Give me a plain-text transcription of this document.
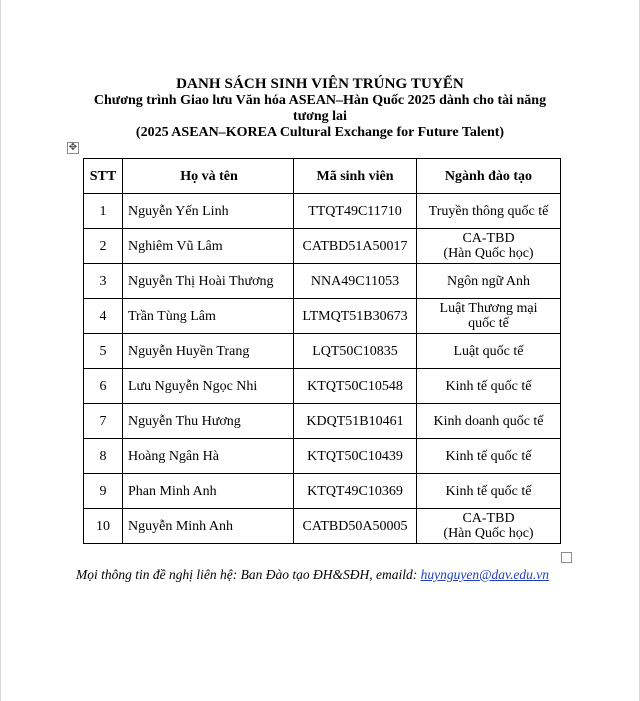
DANH SÁCH SINH VIÊN TRÚNG TUYỂN
Chương trình Giao lưu Văn hóa ASEAN–Hàn Quốc 2025 dành cho tài năng
tương lai
(2025 ASEAN–KOREA Cultural Exchange for Future Talent)
✥
STT	Họ và tên	Mã sinh viên	Ngành đào tạo
1	Nguyễn Yến Linh	TTQT49C11710	Truyền thông quốc tế

2	Nghiêm Vũ Lâm	CATBD51A50017	CA-TBD
(Hàn Quốc học)

3	Nguyễn Thị Hoài Thương	NNA49C11053	Ngôn ngữ Anh

4	Trần Tùng Lâm	LTMQT51B30673	Luật Thương mại
quốc tế

5	Nguyễn Huyền Trang	LQT50C10835	Luật quốc tế

6	Lưu Nguyễn Ngọc Nhi	KTQT50C10548	Kinh tế quốc tế

7	Nguyễn Thu Hương	KDQT51B10461	Kinh doanh quốc tế

8	Hoàng Ngân Hà	KTQT50C10439	Kinh tế quốc tế

9	Phan Minh Anh	KTQT49C10369	Kinh tế quốc tế

10	Nguyễn Minh Anh	CATBD50A50005	CA-TBD
(Hàn Quốc học)
Mọi thông tin đề nghị liên hệ: Ban Đào tạo ĐH&SĐH, emaild: huynguyen@dav.edu.vn
